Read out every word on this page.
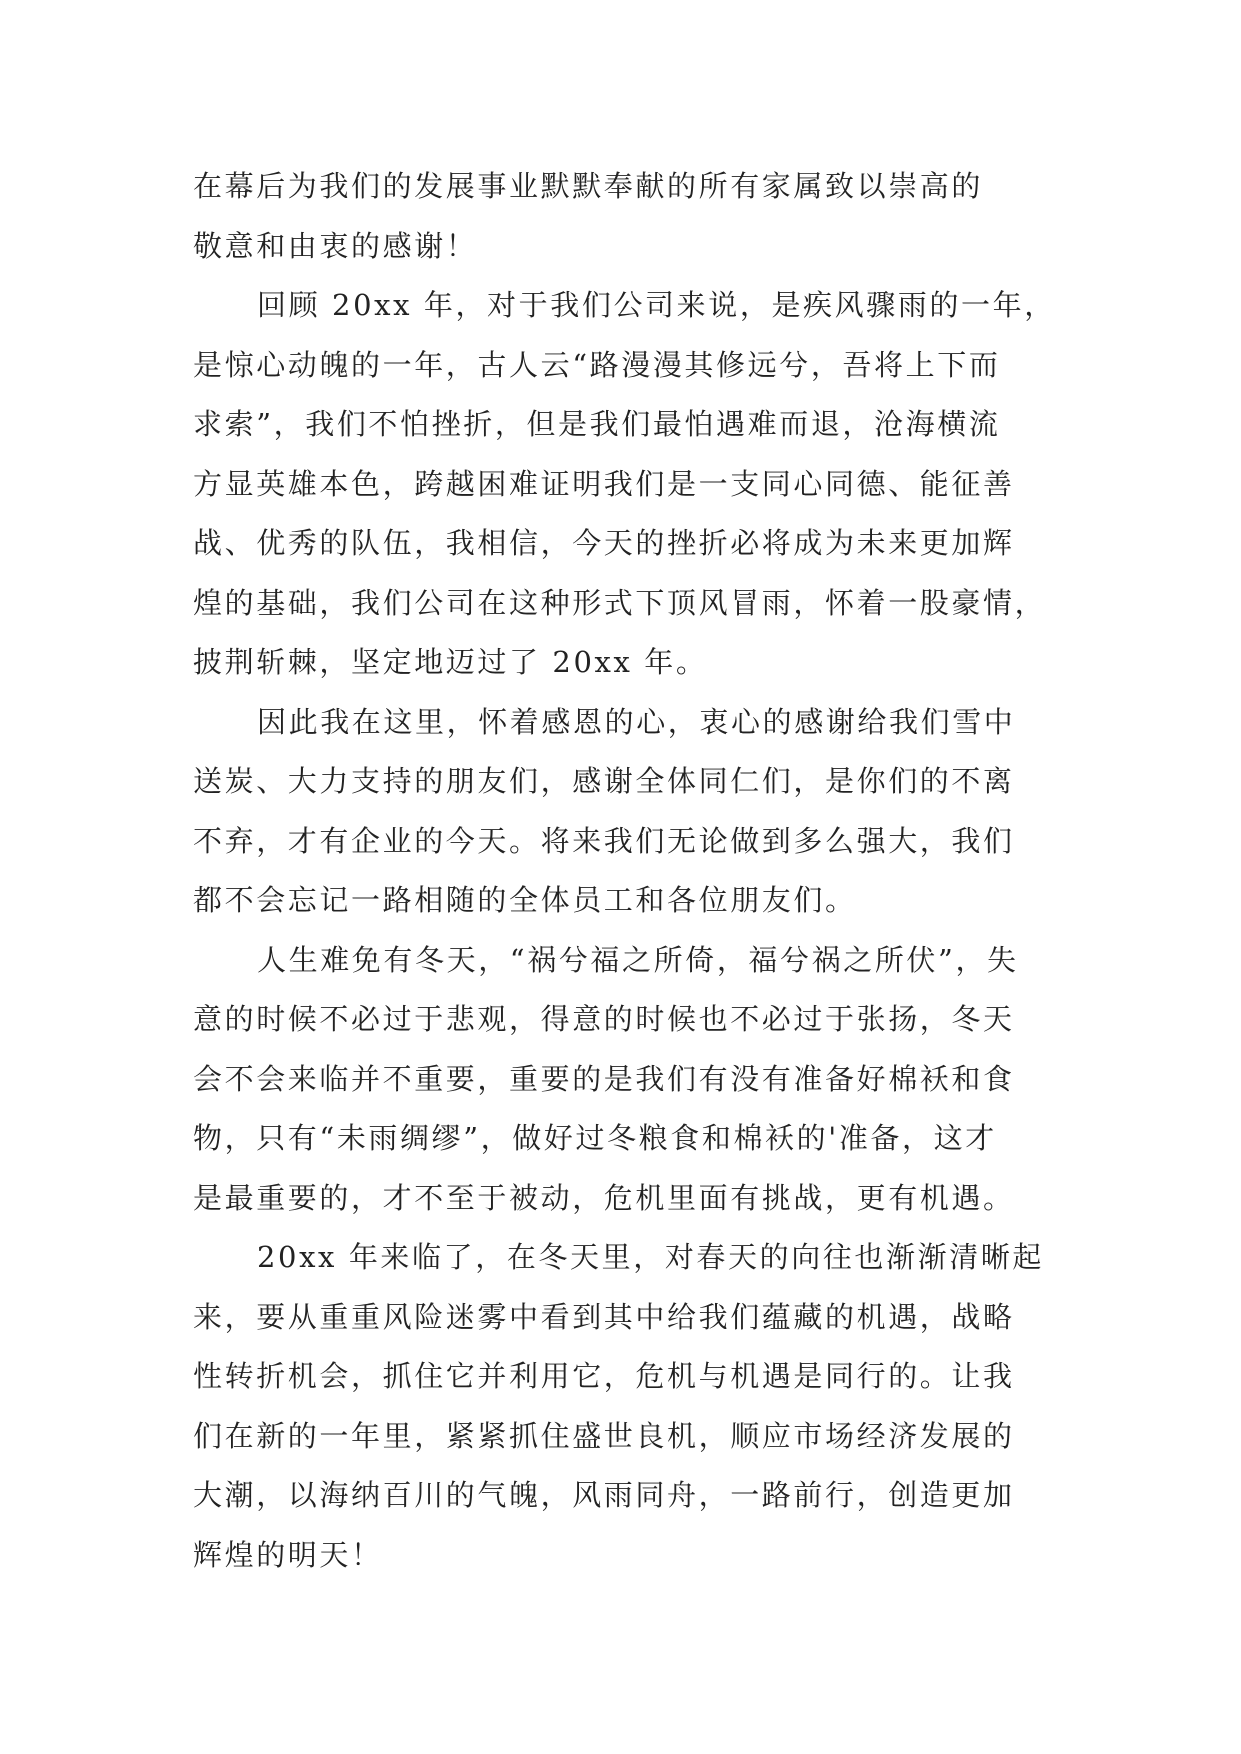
在幕后为我们的发展事业默默奉献的所有家属致以崇高的
敬意和由衷的感谢！
回顾 20xx 年，对于我们公司来说，是疾风骤雨的一年，
是惊心动魄的一年，古人云“路漫漫其修远兮，吾将上下而
求索”，我们不怕挫折，但是我们最怕遇难而退，沧海横流
方显英雄本色，跨越困难证明我们是一支同心同德、能征善
战、优秀的队伍，我相信，今天的挫折必将成为未来更加辉
煌的基础，我们公司在这种形式下顶风冒雨，怀着一股豪情，
披荆斩棘，坚定地迈过了 20xx 年。
因此我在这里，怀着感恩的心，衷心的感谢给我们雪中
送炭、大力支持的朋友们，感谢全体同仁们，是你们的不离
不弃，才有企业的今天。将来我们无论做到多么强大，我们
都不会忘记一路相随的全体员工和各位朋友们。
人生难免有冬天，“祸兮福之所倚，福兮祸之所伏”，失
意的时候不必过于悲观，得意的时候也不必过于张扬，冬天
会不会来临并不重要，重要的是我们有没有准备好棉袄和食
物，只有“未雨绸缪”，做好过冬粮食和棉袄的'准备，这才
是最重要的，才不至于被动，危机里面有挑战，更有机遇。
20xx 年来临了，在冬天里，对春天的向往也渐渐清晰起
来，要从重重风险迷雾中看到其中给我们蕴藏的机遇，战略
性转折机会，抓住它并利用它，危机与机遇是同行的。让我
们在新的一年里，紧紧抓住盛世良机，顺应市场经济发展的
大潮，以海纳百川的气魄，风雨同舟，一路前行，创造更加
辉煌的明天！
